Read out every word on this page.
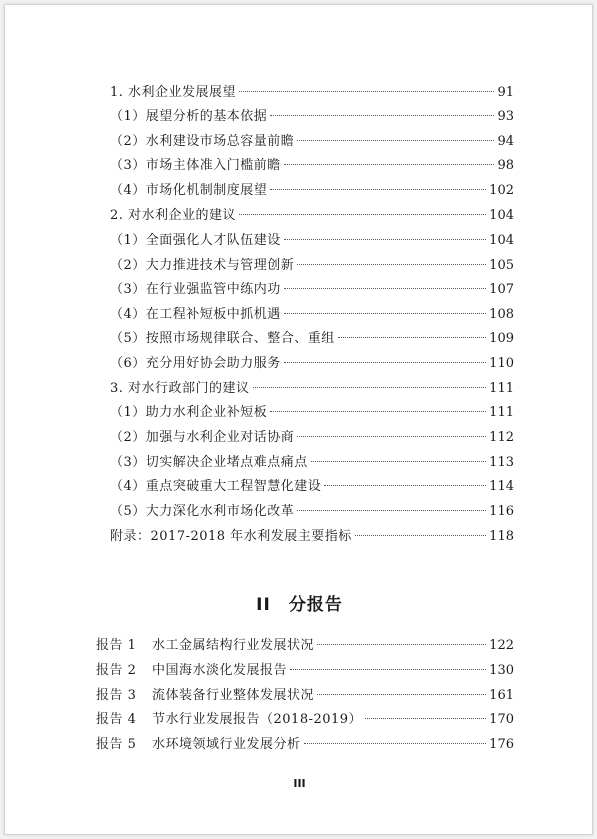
1. 水利企业发展展望	91
（1）展望分析的基本依据	93
（2）水利建设市场总容量前瞻	94
（3）市场主体准入门槛前瞻	98
（4）市场化机制制度展望	102
2. 对水利企业的建议	104
（1）全面强化人才队伍建设	104
（2）大力推进技术与管理创新	105
（3）在行业强监管中练内功	107
（4）在工程补短板中抓机遇	108
（5）按照市场规律联合、整合、重组	109
（6）充分用好协会助力服务	110
3. 对水行政部门的建议	111
（1）助力水利企业补短板	111
（2）加强与水利企业对话协商	112
（3）切实解决企业堵点难点痛点	113
（4）重点突破重大工程智慧化建设	114
（5）大力深化水利市场化改革	116
附录：2017-2018 年水利发展主要指标	118
II　分报告
报告 1	水工金属结构行业发展状况	122
报告 2	中国海水淡化发展报告	130
报告 3	流体装备行业整体发展状况	161
报告 4	节水行业发展报告（2018-2019）	170
报告 5	水环境领域行业发展分析	176
III
